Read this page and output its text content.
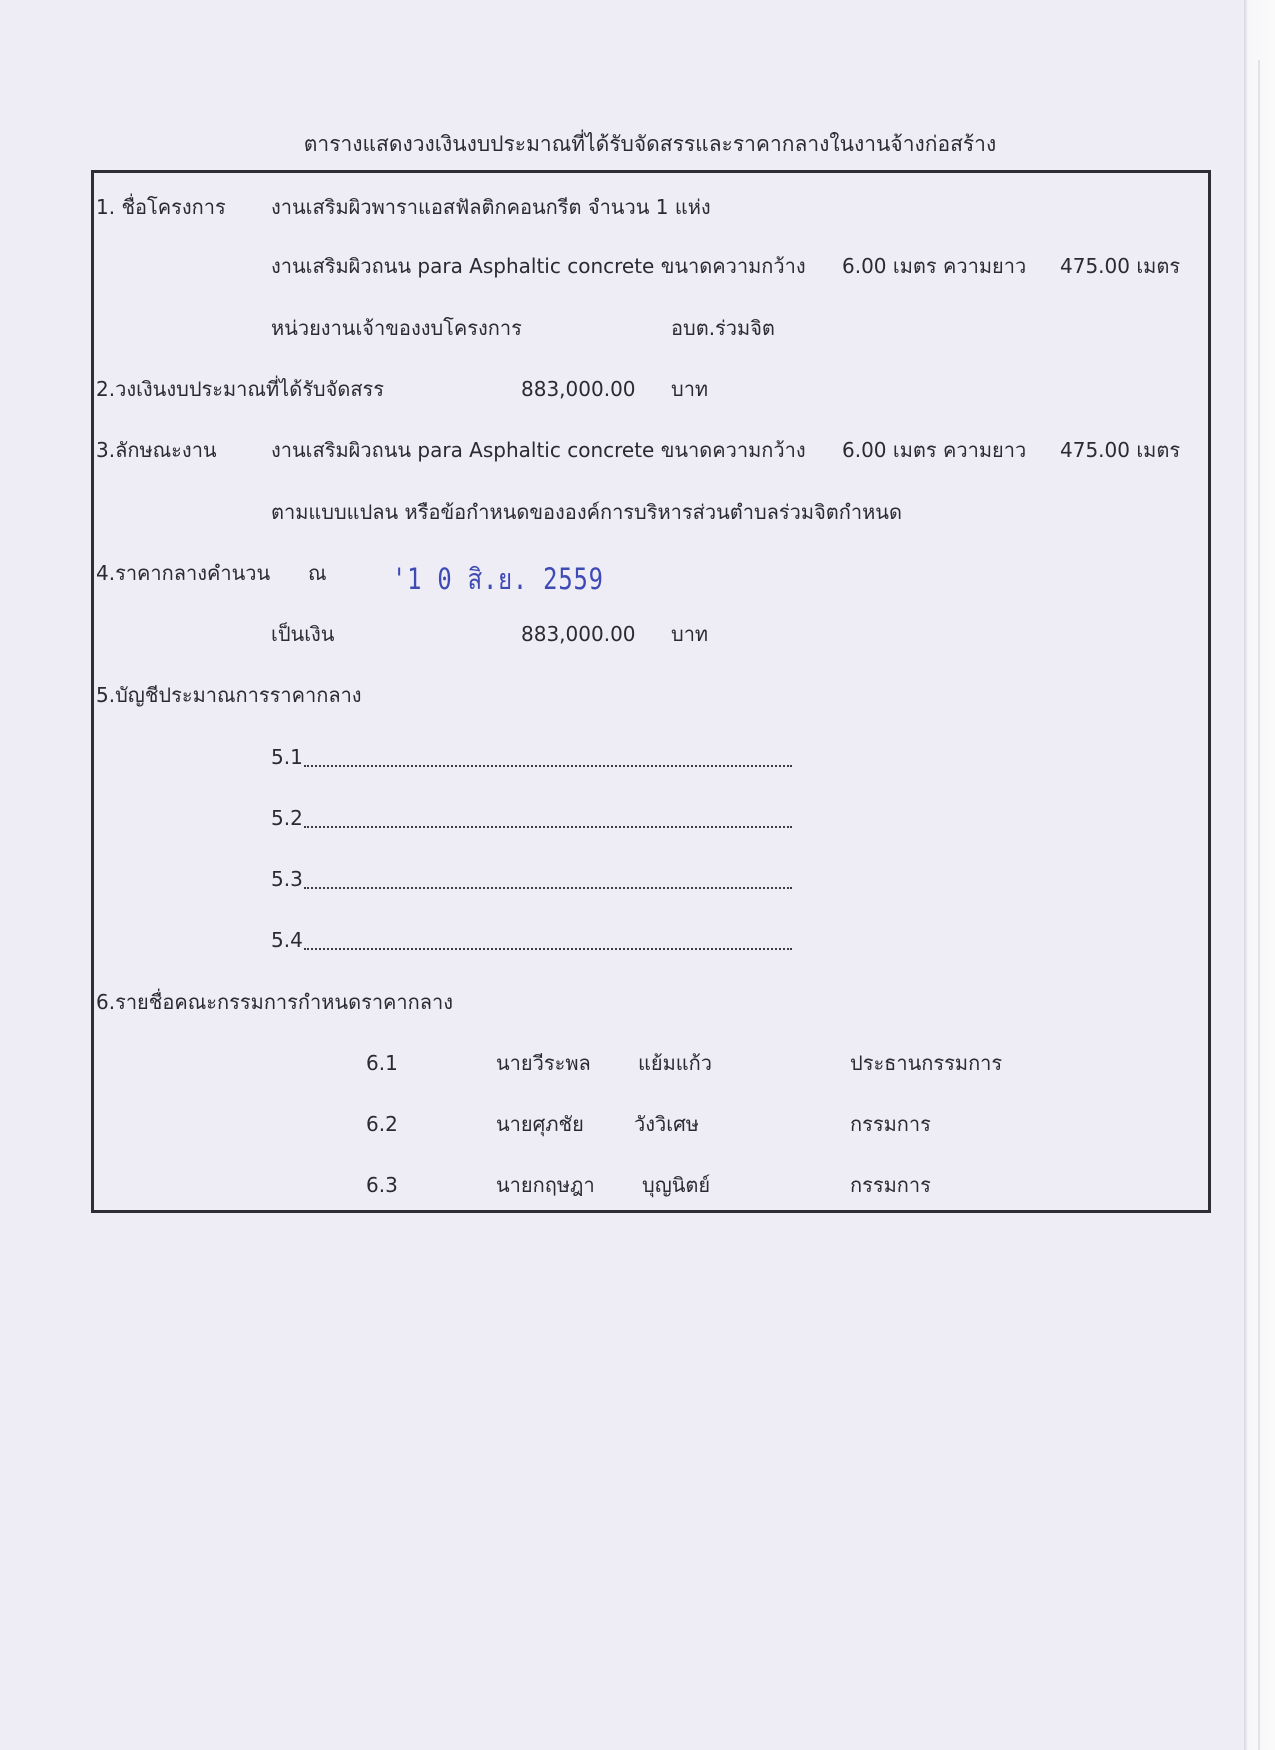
ตารางแสดงวงเงินงบประมาณที่ได้รับจัดสรรและราคากลางในงานจ้างก่อสร้าง
1. ชื่อโครงการ งานเสริมผิวพาราแอสฟัลติกคอนกรีต จำนวน 1 แห่ง
งานเสริมผิวถนน para Asphaltic concrete ขนาดความกว้าง 6.00 เมตร ความยาว 475.00 เมตร
หน่วยงานเจ้าของงบโครงการ	อบต.ร่วมจิต
2.วงเงินงบประมาณที่ได้รับจัดสรร	883,000.00 บาท
3.ลักษณะงาน	งานเสริมผิวถนน para Asphaltic concrete ขนาดความกว้าง 6.00 เมตร ความยาว 475.00 เมตร
ตามแบบแปลน หรือข้อกำหนดขององค์การบริหารส่วนตำบลร่วมจิตกำหนด
4.ราคากลางคำนวน ณ '1 0 สิ.ย. 2559
เป็นเงิน	883,000.00 บาท
5.บัญชีประมาณการราคากลาง
5.1
5.2
5.3
5.4
6.รายชื่อคณะกรรมการกำหนดราคากลาง
6.1	นายวีระพล แย้มแก้ว	ประธานกรรมการ
6.2	นายศุภชัย	วังวิเศษ	กรรมการ
6.3	นายกฤษฎา บุญนิตย์	กรรมการ
